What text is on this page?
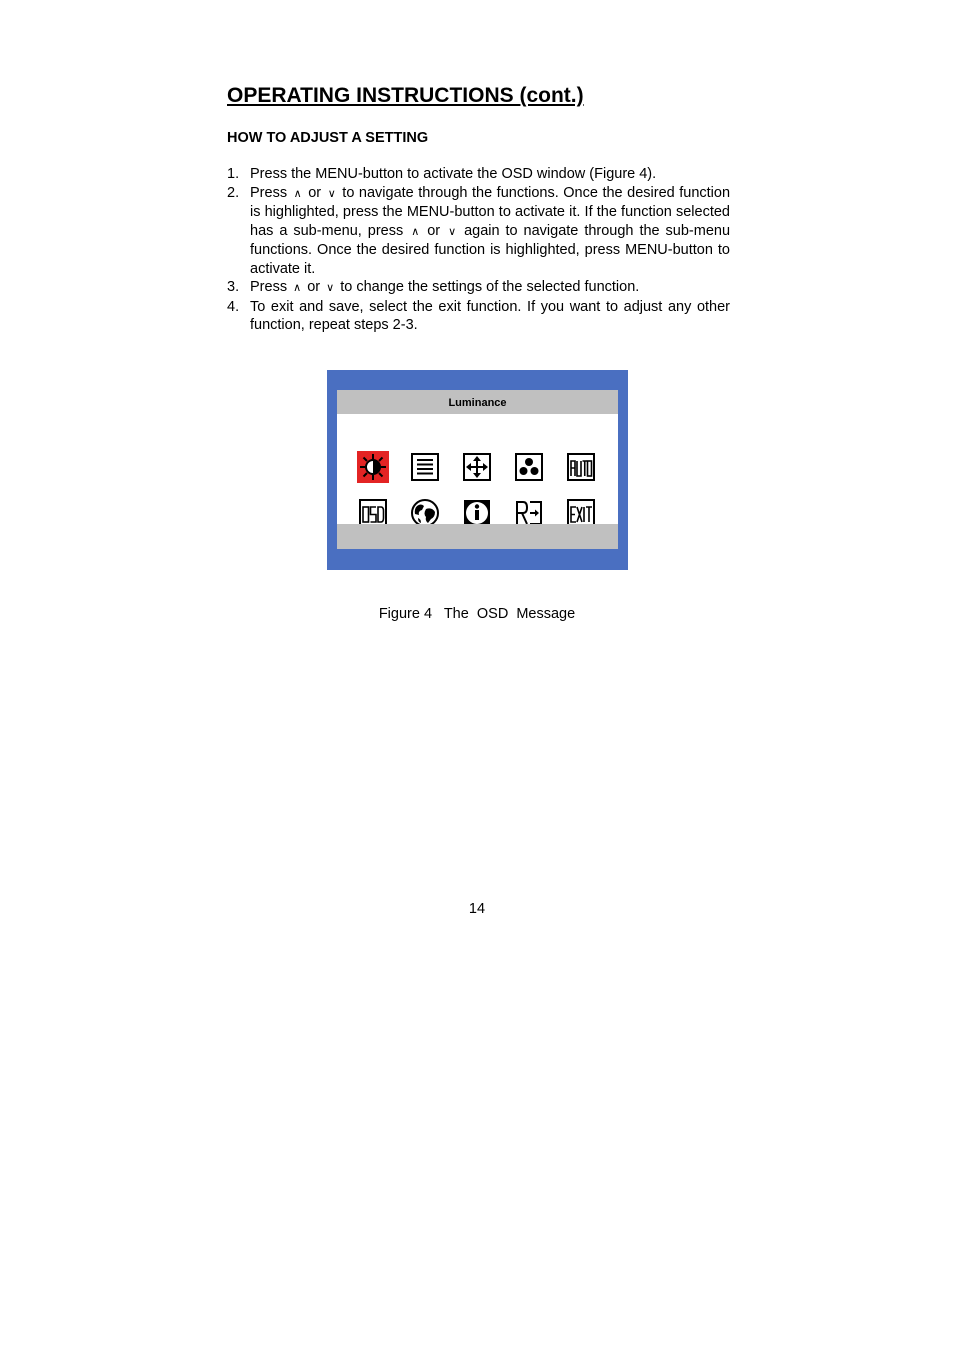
OPERATING INSTRUCTIONS (cont.)
HOW TO ADJUST A SETTING
1. Press the MENU-button to activate the OSD window (Figure 4).
2. Press ∧ or ∨ to navigate through the functions. Once the desired function is highlighted, press the MENU-button to activate it. If the function selected has a sub-menu, press ∧ or ∨ again to navigate through the sub-menu functions. Once the desired function is highlighted, press MENU-button to activate it.
3. Press ∧ or ∨ to change the settings of the selected function.
4. To exit and save, select the exit function. If you want to adjust any other function, repeat steps 2-3.
Luminance
Figure 4   The  OSD  Message
14
